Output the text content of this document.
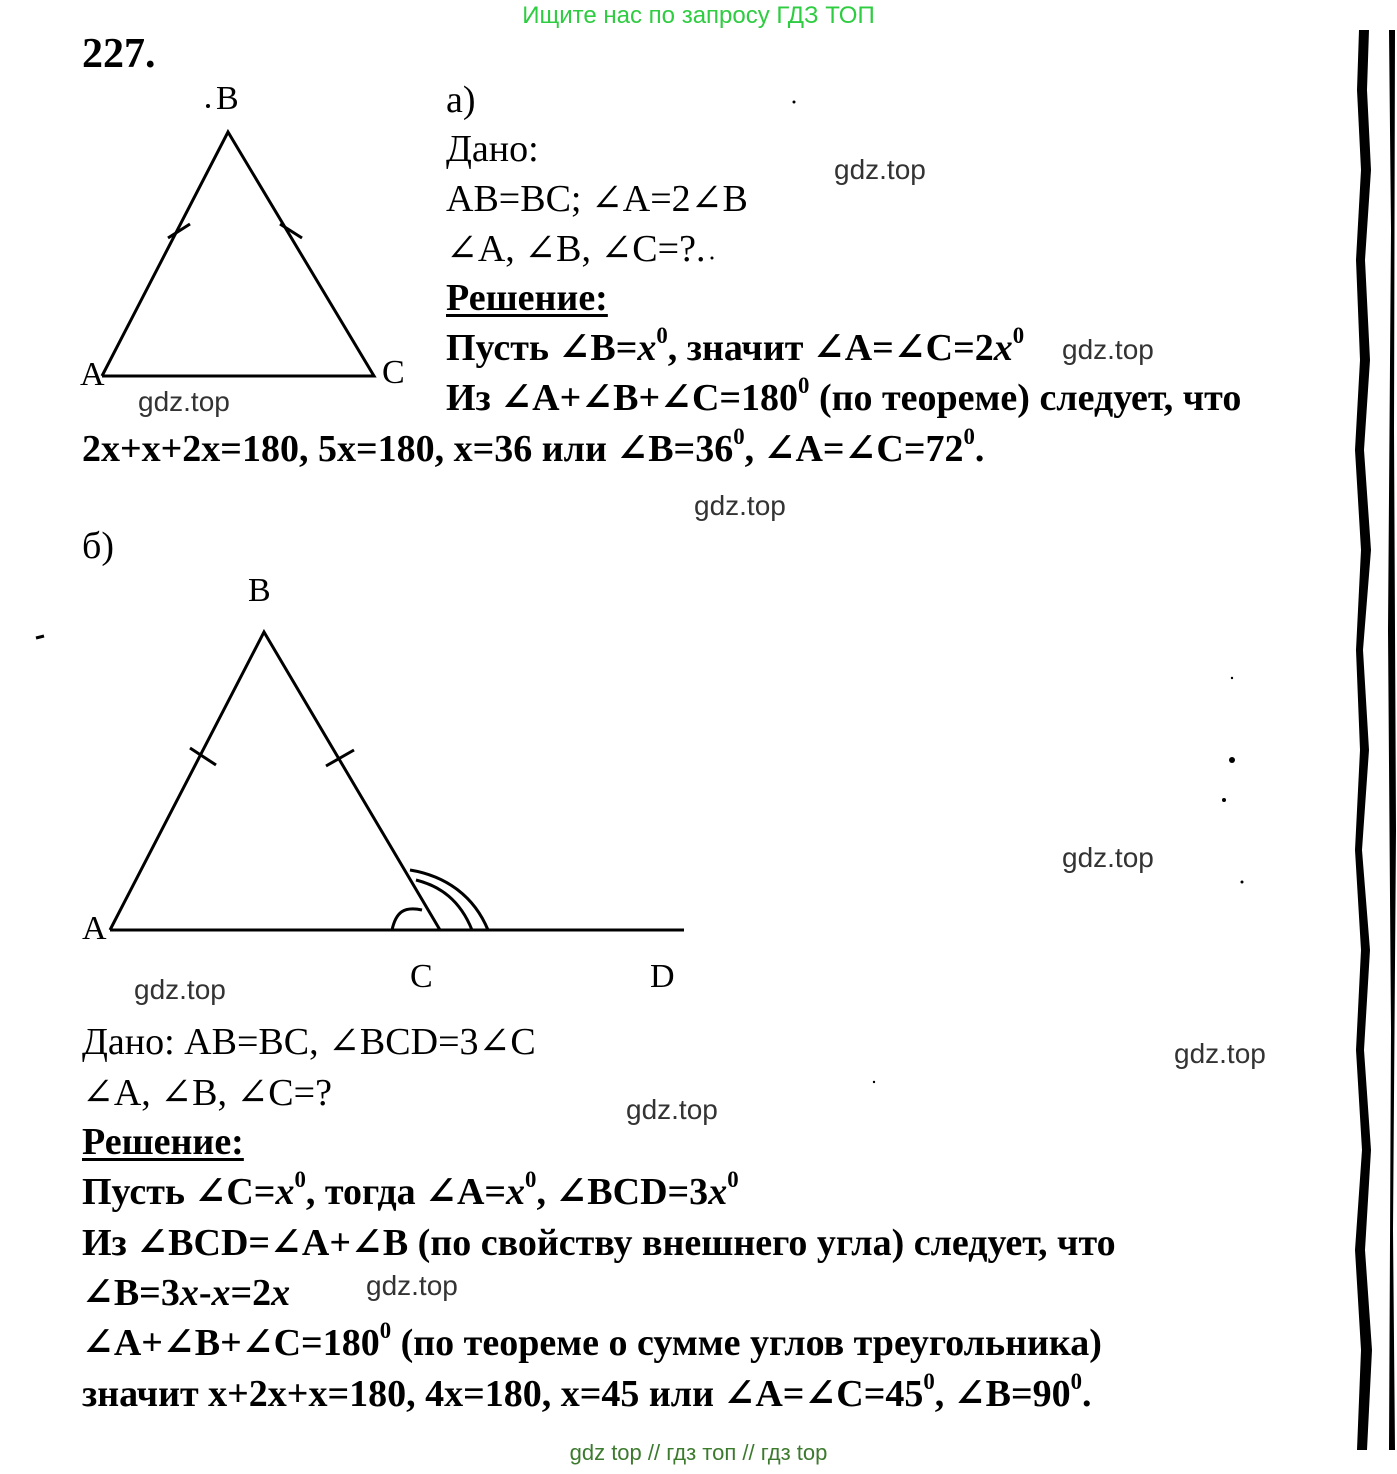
Ищите нас по запросу ГДЗ ТОП
227.
B
A	C
а)
Дано:
AB=BC; ∠A=2∠B
∠A, ∠B, ∠C=?.
Решение:
Пусть $\angle B=x^0$, значит $\angle A=\angle C=2x^0$
Из $\angle A+\angle B+\angle C=180^0$ (по теореме) следует, что
2x+x+2x=180, 5x=180, x=36 или $\angle B=36^0$, $\angle A=\angle C=72^0$.
б)
B
A
C	D
Дано: AB=BC, ∠BCD=3∠C
∠A, ∠B, ∠C=?
Решение:
Пусть $\angle C=x^0$, тогда $\angle A=x^0$, $\angle BCD=3x^0$
Из ∠BCD=∠A+∠B (по свойству внешнего угла) следует, что
∠B=3x-x=2x
$\angle A+\angle B+\angle C=180^0$ (по теореме о сумме углов треугольника)
значит x+2x+x=180, 4x=180, x=45 или $\angle A=\angle C=45^0$, $\angle B=90^0$.
gdz.top
gdz.top
gdz.top
gdz.top
gdz.top
gdz.top
gdz.top
gdz.top
gdz.top
gdz top // гдз топ // гдз top
